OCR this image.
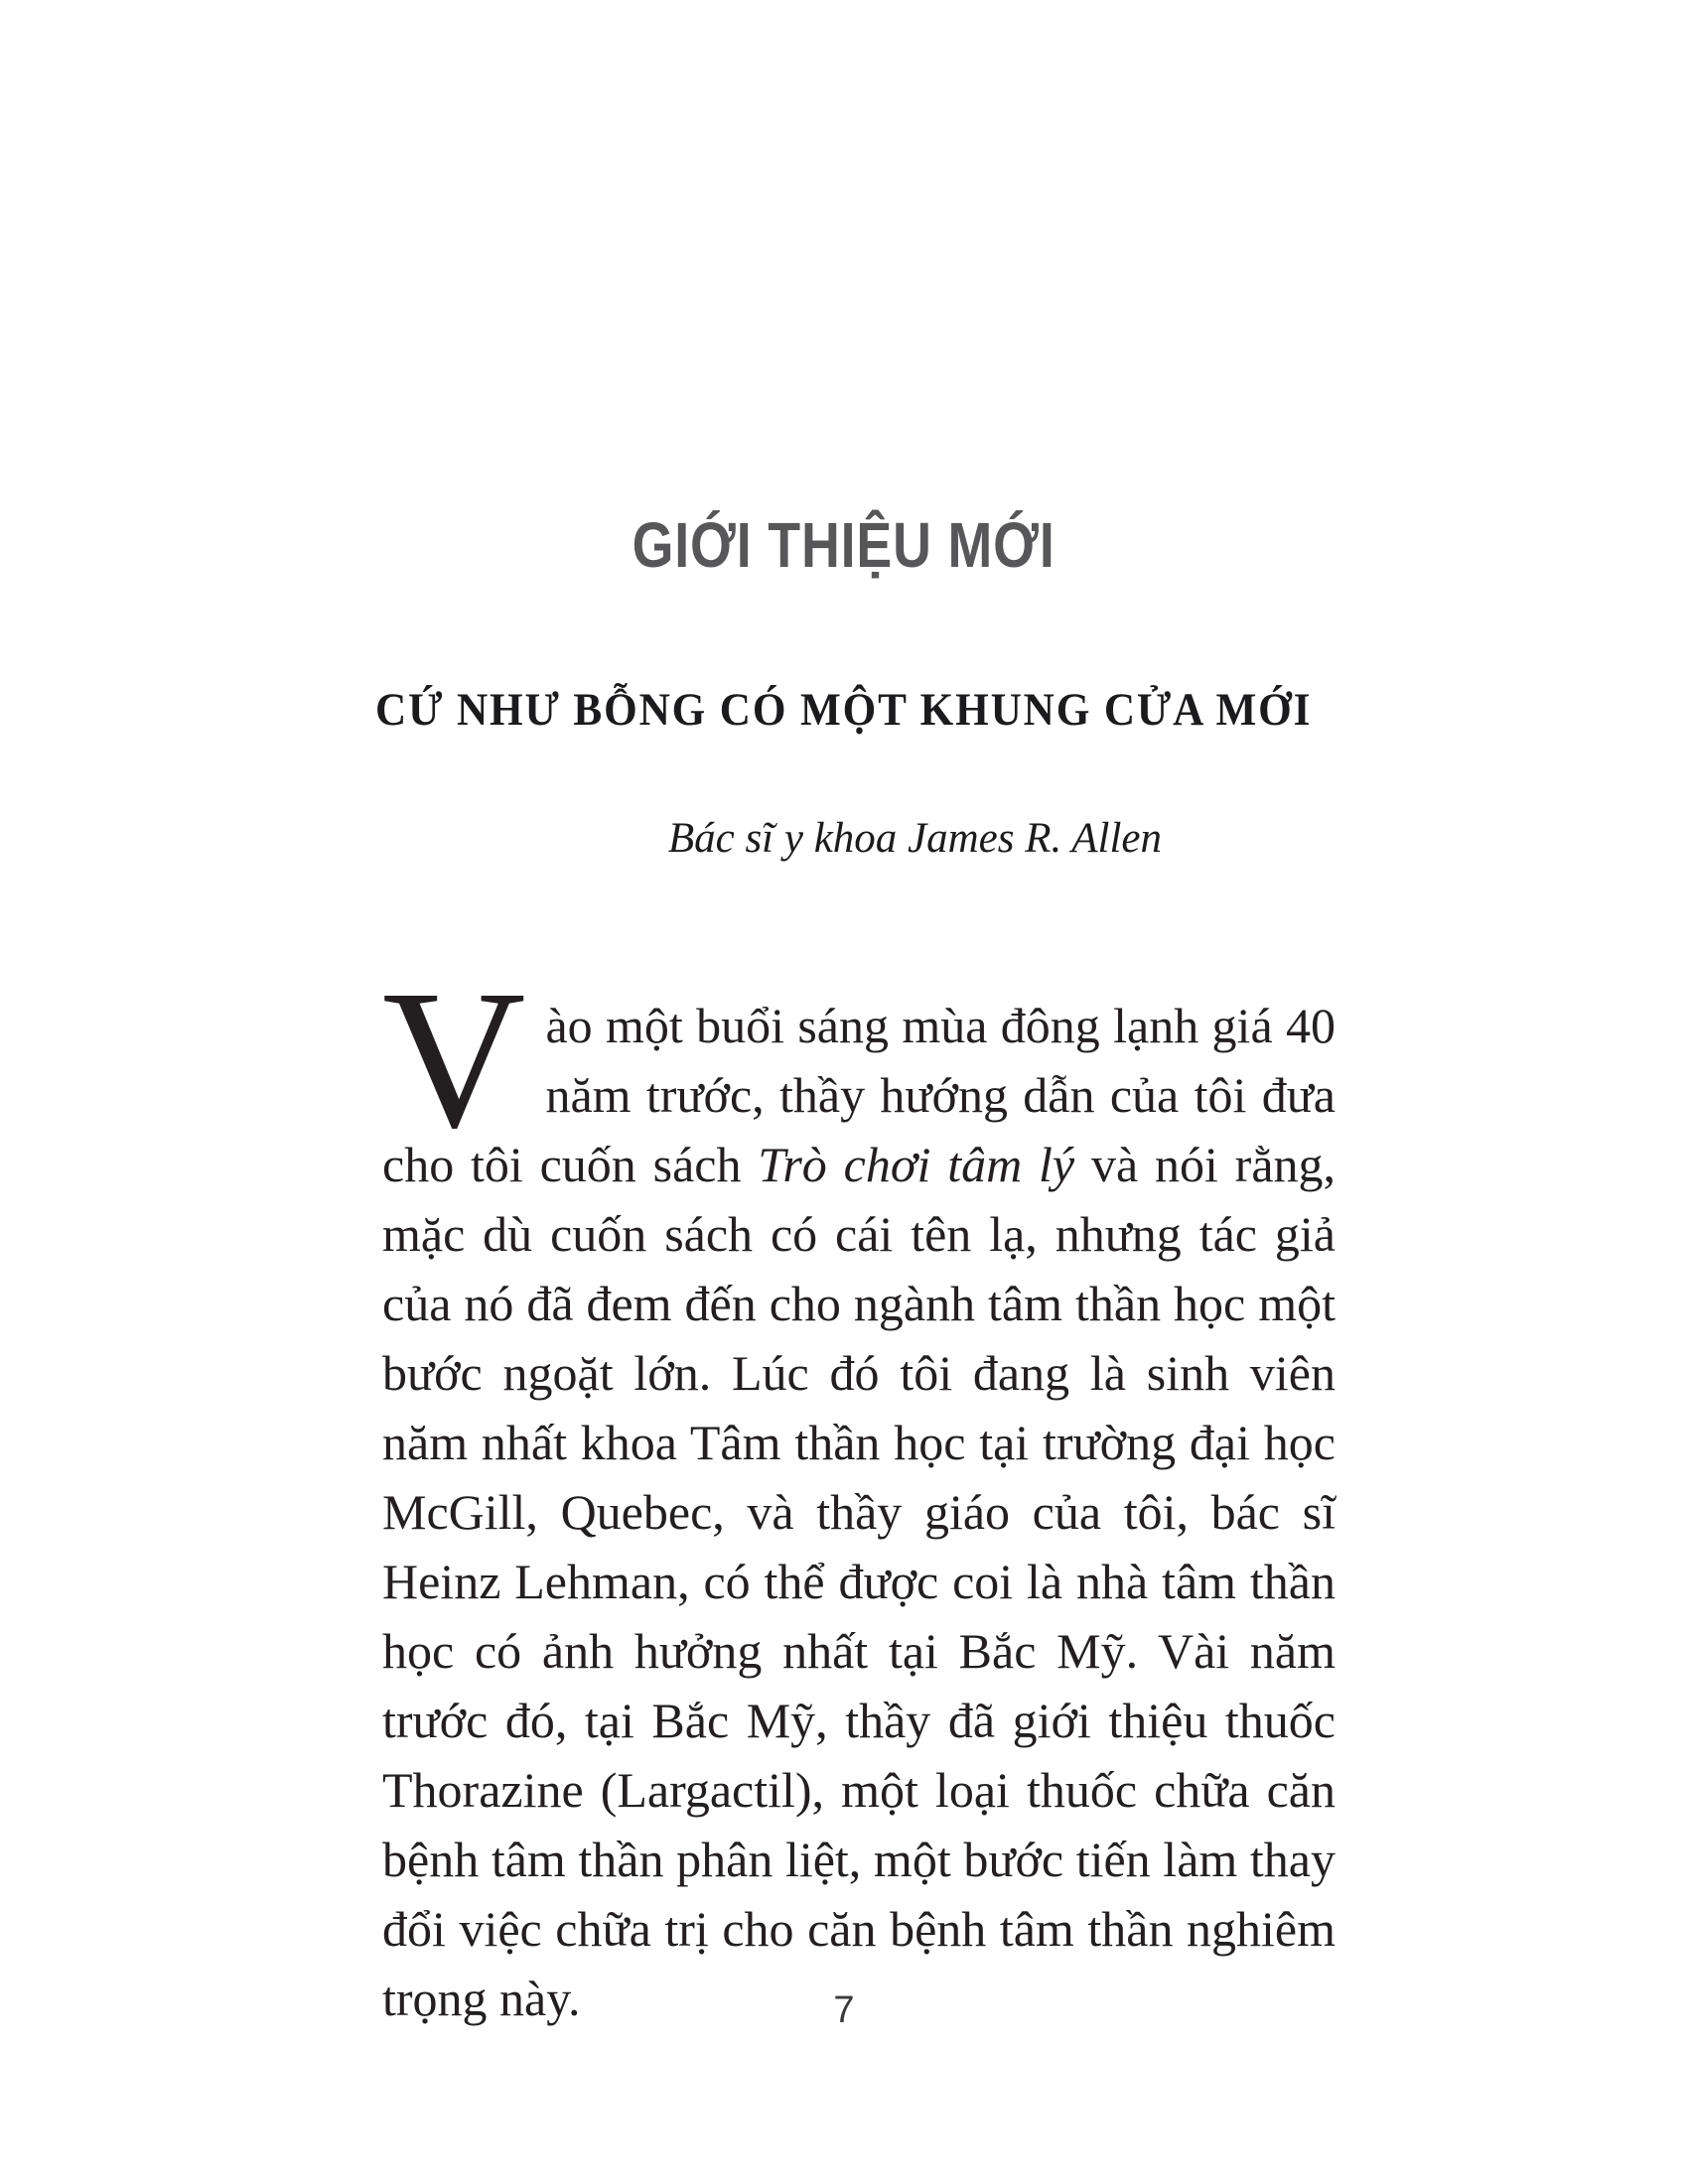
GIỚI THIỆU MỚI
CỨ NHƯ BỖNG CÓ MỘT KHUNG CỬA MỚI
Bác sĩ y khoa James R. Allen
Vào một buổi sáng mùa đông lạnh giá 40 năm trước, thầy hướng dẫn của tôi đưa cho tôi cuốn sách Trò chơi tâm lý và nói rằng, mặc dù cuốn sách có cái tên lạ, nhưng tác giả của nó đã đem đến cho ngành tâm thần học một bước ngoặt lớn. Lúc đó tôi đang là sinh viên năm nhất khoa Tâm thần học tại trường đại học McGill, Quebec, và thầy giáo của tôi, bác sĩ Heinz Lehman, có thể được coi là nhà tâm thần học có ảnh hưởng nhất tại Bắc Mỹ. Vài năm trước đó, tại Bắc Mỹ, thầy đã giới thiệu thuốc Thorazine (Largactil), một loại thuốc chữa căn bệnh tâm thần phân liệt, một bước tiến làm thay đổi việc chữa trị cho căn bệnh tâm thần nghiêm trọng này.	7
